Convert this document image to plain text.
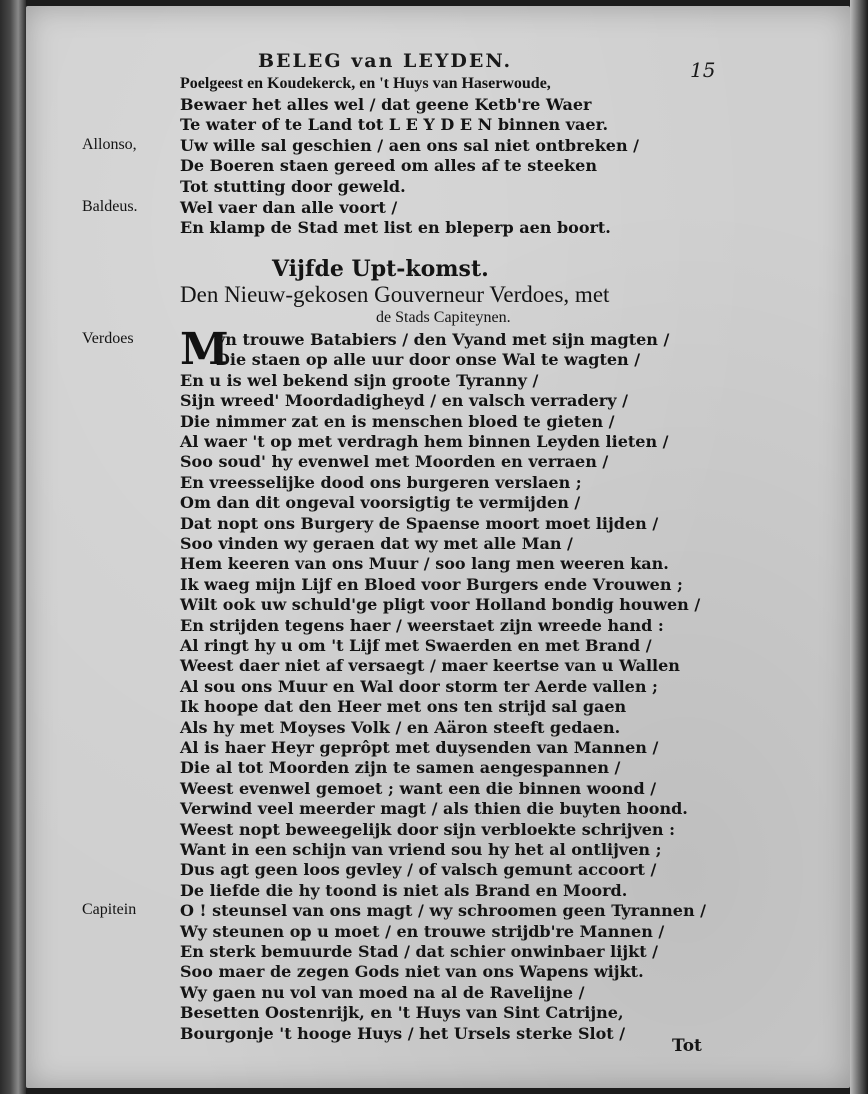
BELEG van LEYDEN.	15
Poelgeest en Koudekerck, en 't Huys van Haserwoude,
Bewaer het alles wel / dat geene Ketb're Waer
Te water of te Land tot L E Y D E N binnen vaer.
Uw wille sal geschien / aen ons sal niet ontbreken /
De Boeren staen gereed om alles af te steeken
Tot stutting door geweld.
Wel vaer dan alle voort /
En klamp de Stad met list en bleperp aen boort.
Allonso,
Baldeus.
Vijfde Upt-komst.
Den Nieuw-gekosen Gouverneur Verdoes, met
de Stads Capiteynen.
M
yn trouwe Batabiers / den Vyand met sijn magten /
Die staen op alle uur door onse Wal te wagten /
En u is wel bekend sijn groote Tyranny /
Sijn wreed' Moordadigheyd / en valsch verradery /
Die nimmer zat en is menschen bloed te gieten /
Al waer 't op met verdragh hem binnen Leyden lieten /
Soo soud' hy evenwel met Moorden en verraen /
En vreesselijke dood ons burgeren verslaen ;
Om dan dit ongeval voorsigtig te vermijden /
Dat nopt ons Burgery de Spaense moort moet lijden /
Soo vinden wy geraen dat wy met alle Man /
Hem keeren van ons Muur / soo lang men weeren kan.
Ik waeg mijn Lijf en Bloed voor Burgers ende Vrouwen ;
Wilt ook uw schuld'ge pligt voor Holland bondig houwen /
En strijden tegens haer / weerstaet zijn wreede hand :
Al ringt hy u om 't Lijf met Swaerden en met Brand /
Weest daer niet af versaegt / maer keertse van u Wallen
Al sou ons Muur en Wal door storm ter Aerde vallen ;
Ik hoope dat den Heer met ons ten strijd sal gaen
Als hy met Moyses Volk / en Aäron steeft gedaen.
Al is haer Heyr geprôpt met duysenden van Mannen /
Die al tot Moorden zijn te samen aengespannen /
Weest evenwel gemoet ; want een die binnen woond /
Verwind veel meerder magt / als thien die buyten hoond.
Weest nopt beweegelijk door sijn verbloekte schrijven :
Want in een schijn van vriend sou hy het al ontlijven ;
Dus agt geen loos gevley / of valsch gemunt accoort /
De liefde die hy toond is niet als Brand en Moord.
O ! steunsel van ons magt / wy schroomen geen Tyrannen /
Wy steunen op u moet / en trouwe strijdb're Mannen /
En sterk bemuurde Stad / dat schier onwinbaer lijkt /
Soo maer de zegen Gods niet van ons Wapens wijkt.
Wy gaen nu vol van moed na al de Ravelijne /
Besetten Oostenrijk, en 't Huys van Sint Catrijne,
Bourgonje 't hooge Huys / het Ursels sterke Slot /
Verdoes
Capitein
Tot
